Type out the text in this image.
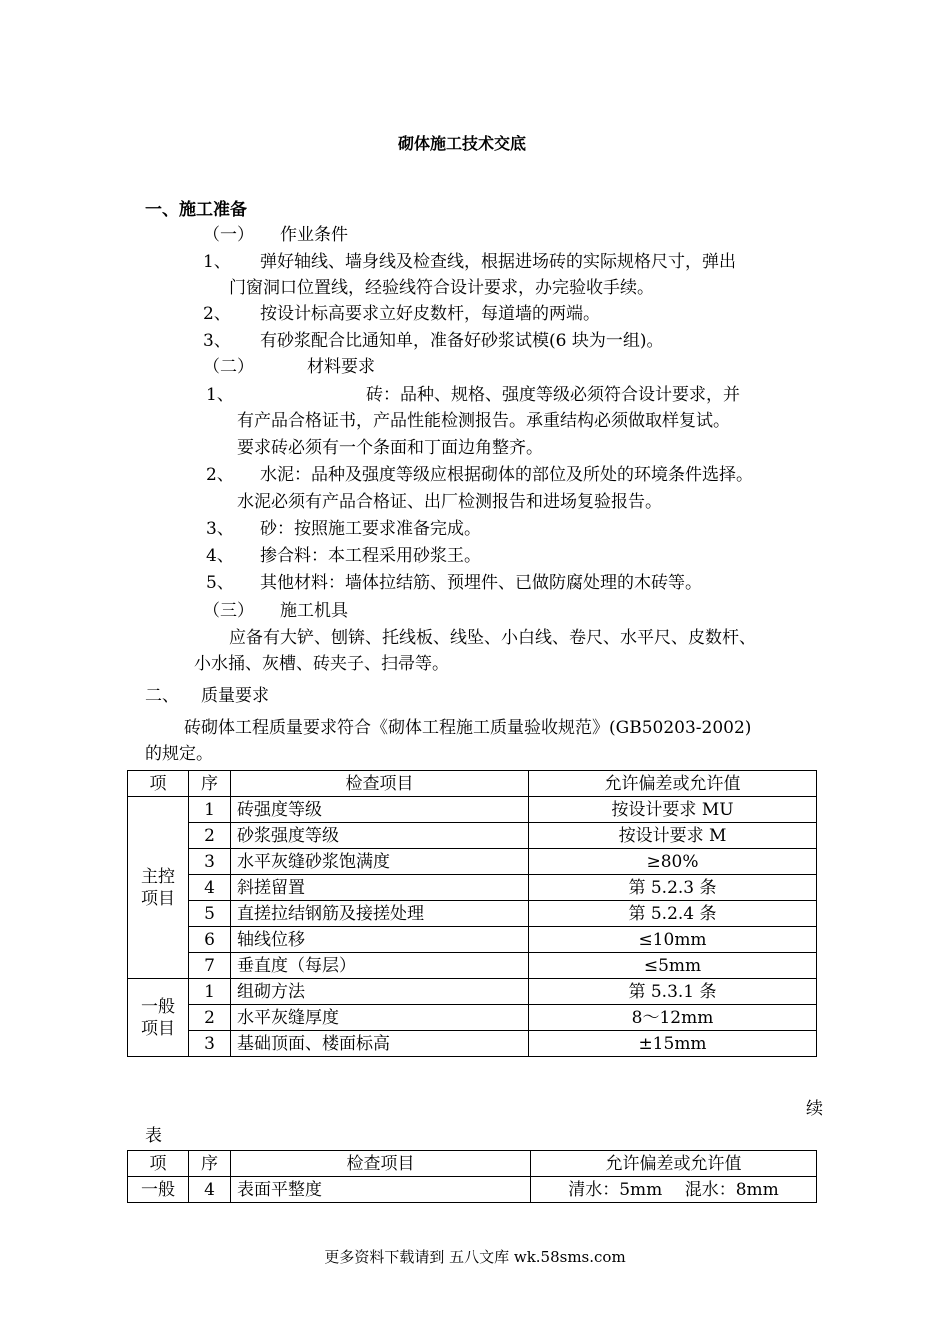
砌体施工技术交底
一、施工准备
（一） 作业条件
1、 弹好轴线、墙身线及检查线，根据进场砖的实际规格尺寸，弹出
门窗洞口位置线，经验线符合设计要求，办完验收手续。
2、 按设计标高要求立好皮数杆，每道墙的两端。
3、 有砂浆配合比通知单，准备好砂浆试模(6 块为一组)。
（二）	材料要求
1、	砖：品种、规格、强度等级必须符合设计要求，并
有产品合格证书，产品性能检测报告。承重结构必须做取样复试。
要求砖必须有一个条面和丁面边角整齐。
2、 水泥：品种及强度等级应根据砌体的部位及所处的环境条件选择。
水泥必须有产品合格证、出厂检测报告和进场复验报告。
3、 砂：按照施工要求准备完成。
4、 掺合料：本工程采用砂浆王。
5、 其他材料：墙体拉结筋、预埋件、已做防腐处理的木砖等。
（三） 施工机具
应备有大铲、刨锛、托线板、线坠、小白线、卷尺、水平尺、皮数杆、
小水捅、灰槽、砖夹子、扫帚等。
二、 质量要求
砖砌体工程质量要求符合《砌体工程施工质量验收规范》(GB50203-2002)
的规定。
项	序	检查项目	允许偏差或允许值
主控
项目	1	砖强度等级	按设计要求 MU
	2	砂浆强度等级	按设计要求 M
	3	水平灰缝砂浆饱满度	≥80%
	4	斜搓留置	第 5.2.3 条
	5	直搓拉结钢筋及接搓处理	第 5.2.4 条
	6	轴线位移	≤10mm
	7	垂直度（每层）	≤5mm
一般
项目	1	组砌方法	第 5.3.1 条
	2	水平灰缝厚度	8～12mm
	3	基础顶面、楼面标高	±15mm
续
表
项	序	检查项目	允许偏差或允许值
一般	4	表面平整度	清水：5mm　 混水：8mm
更多资料下载请到 五八文库 wk.58sms.com
